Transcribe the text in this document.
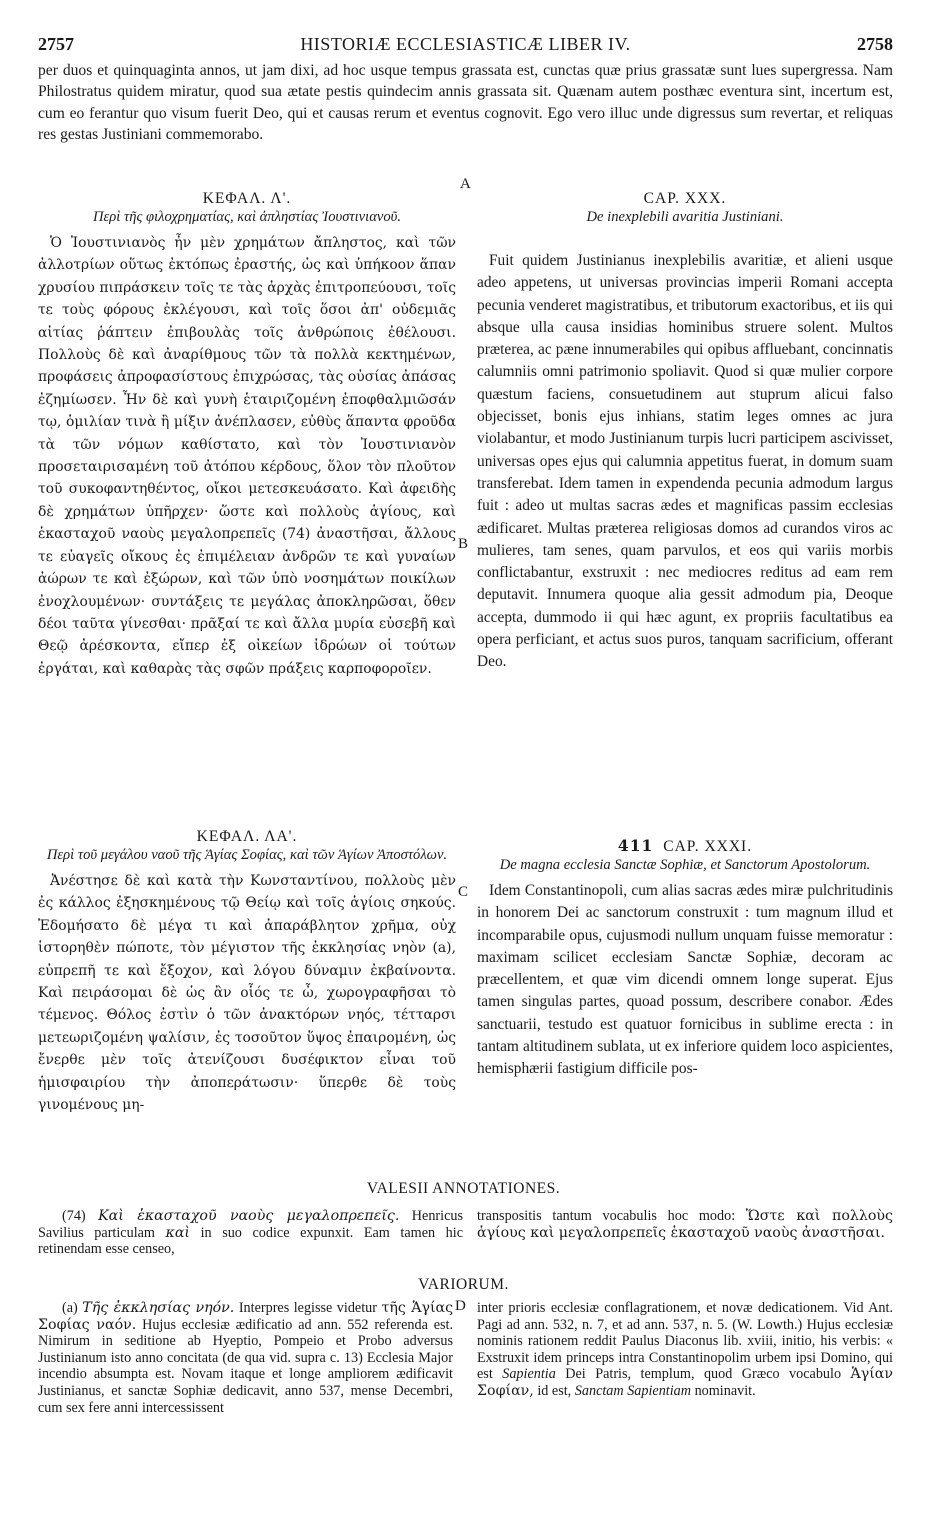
2757	HISTORIÆ ECCLESIASTICÆ LIBER IV.	2758

per duos et quinquaginta annos, ut jam dixi, ad hoc usque tempus grassata est, cunctas quæ prius grassatæ sunt lues supergressa. Nam Philostratus quidem miratur, quod sua ætate pestis quindecim annis grassata sit. Quænam autem posthæc eventura sint, incertum est, cum eo ferantur quo visum fuerit Deo, qui et causas rerum et eventus cognovit. Ego vero illuc unde digressus sum revertar, et reliquas res gestas Justiniani commemorabo.

A
B
C
D
ΚΕΦΑΛ. Λ'.

Περὶ τῆς φιλοχρηματίας, καὶ ἀπληστίας Ἰουστινιανοῦ.

Ὁ Ἰουστινιανὸς ἦν μὲν χρημάτων ἄπληστος, καὶ τῶν ἀλλοτρίων οὕτως ἐκτόπως ἐραστής, ὡς καὶ ὑπήκοον ἅπαν χρυσίου πιπράσκειν τοῖς τε τὰς ἀρχὰς ἐπιτροπεύουσι, τοῖς τε τοὺς φόρους ἐκλέγουσι, καὶ τοῖς ὅσοι ἀπ' οὐδεμιᾶς αἰτίας ῥάπτειν ἐπιβουλὰς τοῖς ἀνθρώποις ἐθέλουσι. Πολλοὺς δὲ καὶ ἀναρίθμους τῶν τὰ πολλὰ κεκτημένων, προφάσεις ἀπροφασίστους ἐπιχρώσας, τὰς οὐσίας ἀπάσας ἐζημίωσεν. Ἦν δὲ καὶ γυνὴ ἑταιριζομένη ἐποφθαλμιῶσάν τῳ, ὁμιλίαν τινὰ ἢ μίξιν ἀνέπλασεν, εὐθὺς ἅπαντα φροῦδα τὰ τῶν νόμων καθίστατο, καὶ τὸν Ἰουστινιανὸν προσεταιρισαμένη τοῦ ἀτόπου κέρδους, ὅλον τὸν πλοῦτον τοῦ συκοφαντηθέντος, οἴκοι μετεσκευάσατο. Καὶ ἀφειδὴς δὲ χρημάτων ὑπῆρχεν· ὥστε καὶ πολλοὺς ἁγίους, καὶ ἑκασταχοῦ ναοὺς μεγαλοπρεπεῖς (74) ἀναστῆσαι, ἄλλους τε εὐαγεῖς οἴκους ἐς ἐπιμέλειαν ἀνδρῶν τε καὶ γυναίων ἀώρων τε καὶ ἐξώρων, καὶ τῶν ὑπὸ νοσημάτων ποικίλων ἐνοχλουμένων· συντάξεις τε μεγάλας ἀποκληρῶσαι, ὅθεν δέοι ταῦτα γίνεσθαι· πρᾶξαί τε καὶ ἄλλα μυρία εὐσεβῆ καὶ Θεῷ ἀρέσκοντα, εἴπερ ἐξ οἰκείων ἱδρώων οἱ τούτων ἐργάται, καὶ καθαρὰς τὰς σφῶν πράξεις καρποφοροῖεν.

CAP. XXX.

De inexplebili avaritia Justiniani.

Fuit quidem Justinianus inexplebilis avaritiæ, et alieni usque adeo appetens, ut universas provincias imperii Romani accepta pecunia venderet magistratibus, et tributorum exactoribus, et iis qui absque ulla causa insidias hominibus struere solent. Multos præterea, ac pæne innumerabiles qui opibus affluebant, concinnatis calumniis omni patrimonio spoliavit. Quod si quæ mulier corpore quæstum faciens, consuetudinem aut stuprum alicui falso objecisset, bonis ejus inhians, statim leges omnes ac jura violabantur, et modo Justinianum turpis lucri participem ascivisset, universas opes ejus qui calumnia appetitus fuerat, in domum suam transferebat. Idem tamen in expendenda pecunia admodum largus fuit : adeo ut multas sacras ædes et magnificas passim ecclesias ædificaret. Multas præterea religiosas domos ad curandos viros ac mulieres, tam senes, quam parvulos, et eos qui variis morbis conflictabantur, exstruxit : nec mediocres reditus ad eam rem deputavit. Innumera quoque alia gessit admodum pia, Deoque accepta, dummodo ii qui hæc agunt, ex propriis facultatibus ea opera perficiant, et actus suos puros, tanquam sacrificium, offerant Deo.

ΚΕΦΑΛ. ΛΑ'.

Περὶ τοῦ μεγάλου ναοῦ τῆς Ἁγίας Σοφίας, καὶ τῶν Ἁγίων Ἀποστόλων.

Ἀνέστησε δὲ καὶ κατὰ τὴν Κωνσταντίνου, πολλοὺς μὲν ἐς κάλλος ἐξησκημένους τῷ Θείῳ καὶ τοῖς ἁγίοις σηκούς. Ἐδομήσατο δὲ μέγα τι καὶ ἀπαράβλητον χρῆμα, οὐχ ἱστορηθὲν πώποτε, τὸν μέγιστον τῆς ἐκκλησίας νηὸν (a), εὐπρεπῆ τε καὶ ἔξοχον, καὶ λόγου δύναμιν ἐκβαίνοντα. Καὶ πειράσομαι δὲ ὡς ἂν οἷός τε ὦ, χωρογραφῆσαι τὸ τέμενος. Θόλος ἐστὶν ὁ τῶν ἀνακτόρων νηός, τέτταρσι μετεωριζομένη ψαλίσιν, ἐς τοσοῦτον ὕψος ἐπαιρομένη, ὡς ἔνερθε μὲν τοῖς ἀτενίζουσι δυσέφικτον εἶναι τοῦ ἡμισφαιρίου τὴν ἀποπεράτωσιν· ὕπερθε δὲ τοὺς γινομένους μη-

411 CAP. XXXI.

De magna ecclesia Sanctæ Sophiæ, et Sanctorum Apostolorum.

Idem Constantinopoli, cum alias sacras ædes miræ pulchritudinis in honorem Dei ac sanctorum construxit : tum magnum illud et incomparabile opus, cujusmodi nullum unquam fuisse memoratur : maximam scilicet ecclesiam Sanctæ Sophiæ, decoram ac præcellentem, et quæ vim dicendi omnem longe superat. Ejus tamen singulas partes, quoad possum, describere conabor. Ædes sanctuarii, testudo est quatuor fornicibus in sublime erecta : in tantam altitudinem sublata, ut ex inferiore quidem loco aspicientes, hemisphærii fastigium difficile pos-

VALESII ANNOTATIONES.

(74) Καὶ ἑκασταχοῦ ναοὺς μεγαλοπρεπεῖς. Henricus Savilius particulam καὶ in suo codice expunxit. Eam tamen hic retinendam esse censeo,

transpositis tantum vocabulis hoc modo: Ὥστε καὶ πολλοὺς ἁγίους καὶ μεγαλοπρεπεῖς ἑκασταχοῦ ναοὺς ἀναστῆσαι.

VARIORUM.

(a) Τῆς ἐκκλησίας νηόν. Interpres legisse videtur τῆς Ἁγίας Σοφίας ναόν. Hujus ecclesiæ ædificatio ad ann. 552 referenda est. Nimirum in seditione ab Hyeptio, Pompeio et Probo adversus Justinianum isto anno concitata (de qua vid. supra c. 13) Ecclesia Major incendio absumpta est. Novam itaque et longe ampliorem ædificavit Justinianus, et sanctæ Sophiæ dedicavit, anno 537, mense Decembri, cum sex fere anni intercessissent

inter prioris ecclesiæ conflagrationem, et novæ dedicationem. Vid Ant. Pagi ad ann. 532, n. 7, et ad ann. 537, n. 5. (W. Lowth.) Hujus ecclesiæ nominis rationem reddit Paulus Diaconus lib. xviii, initio, his verbis: « Exstruxit idem princeps intra Constantinopolim urbem ipsi Domino, qui est Sapientia Dei Patris, templum, quod Græco vocabulo Ἁγίαν Σοφίαν, id est, Sanctam Sapientiam nominavit.
